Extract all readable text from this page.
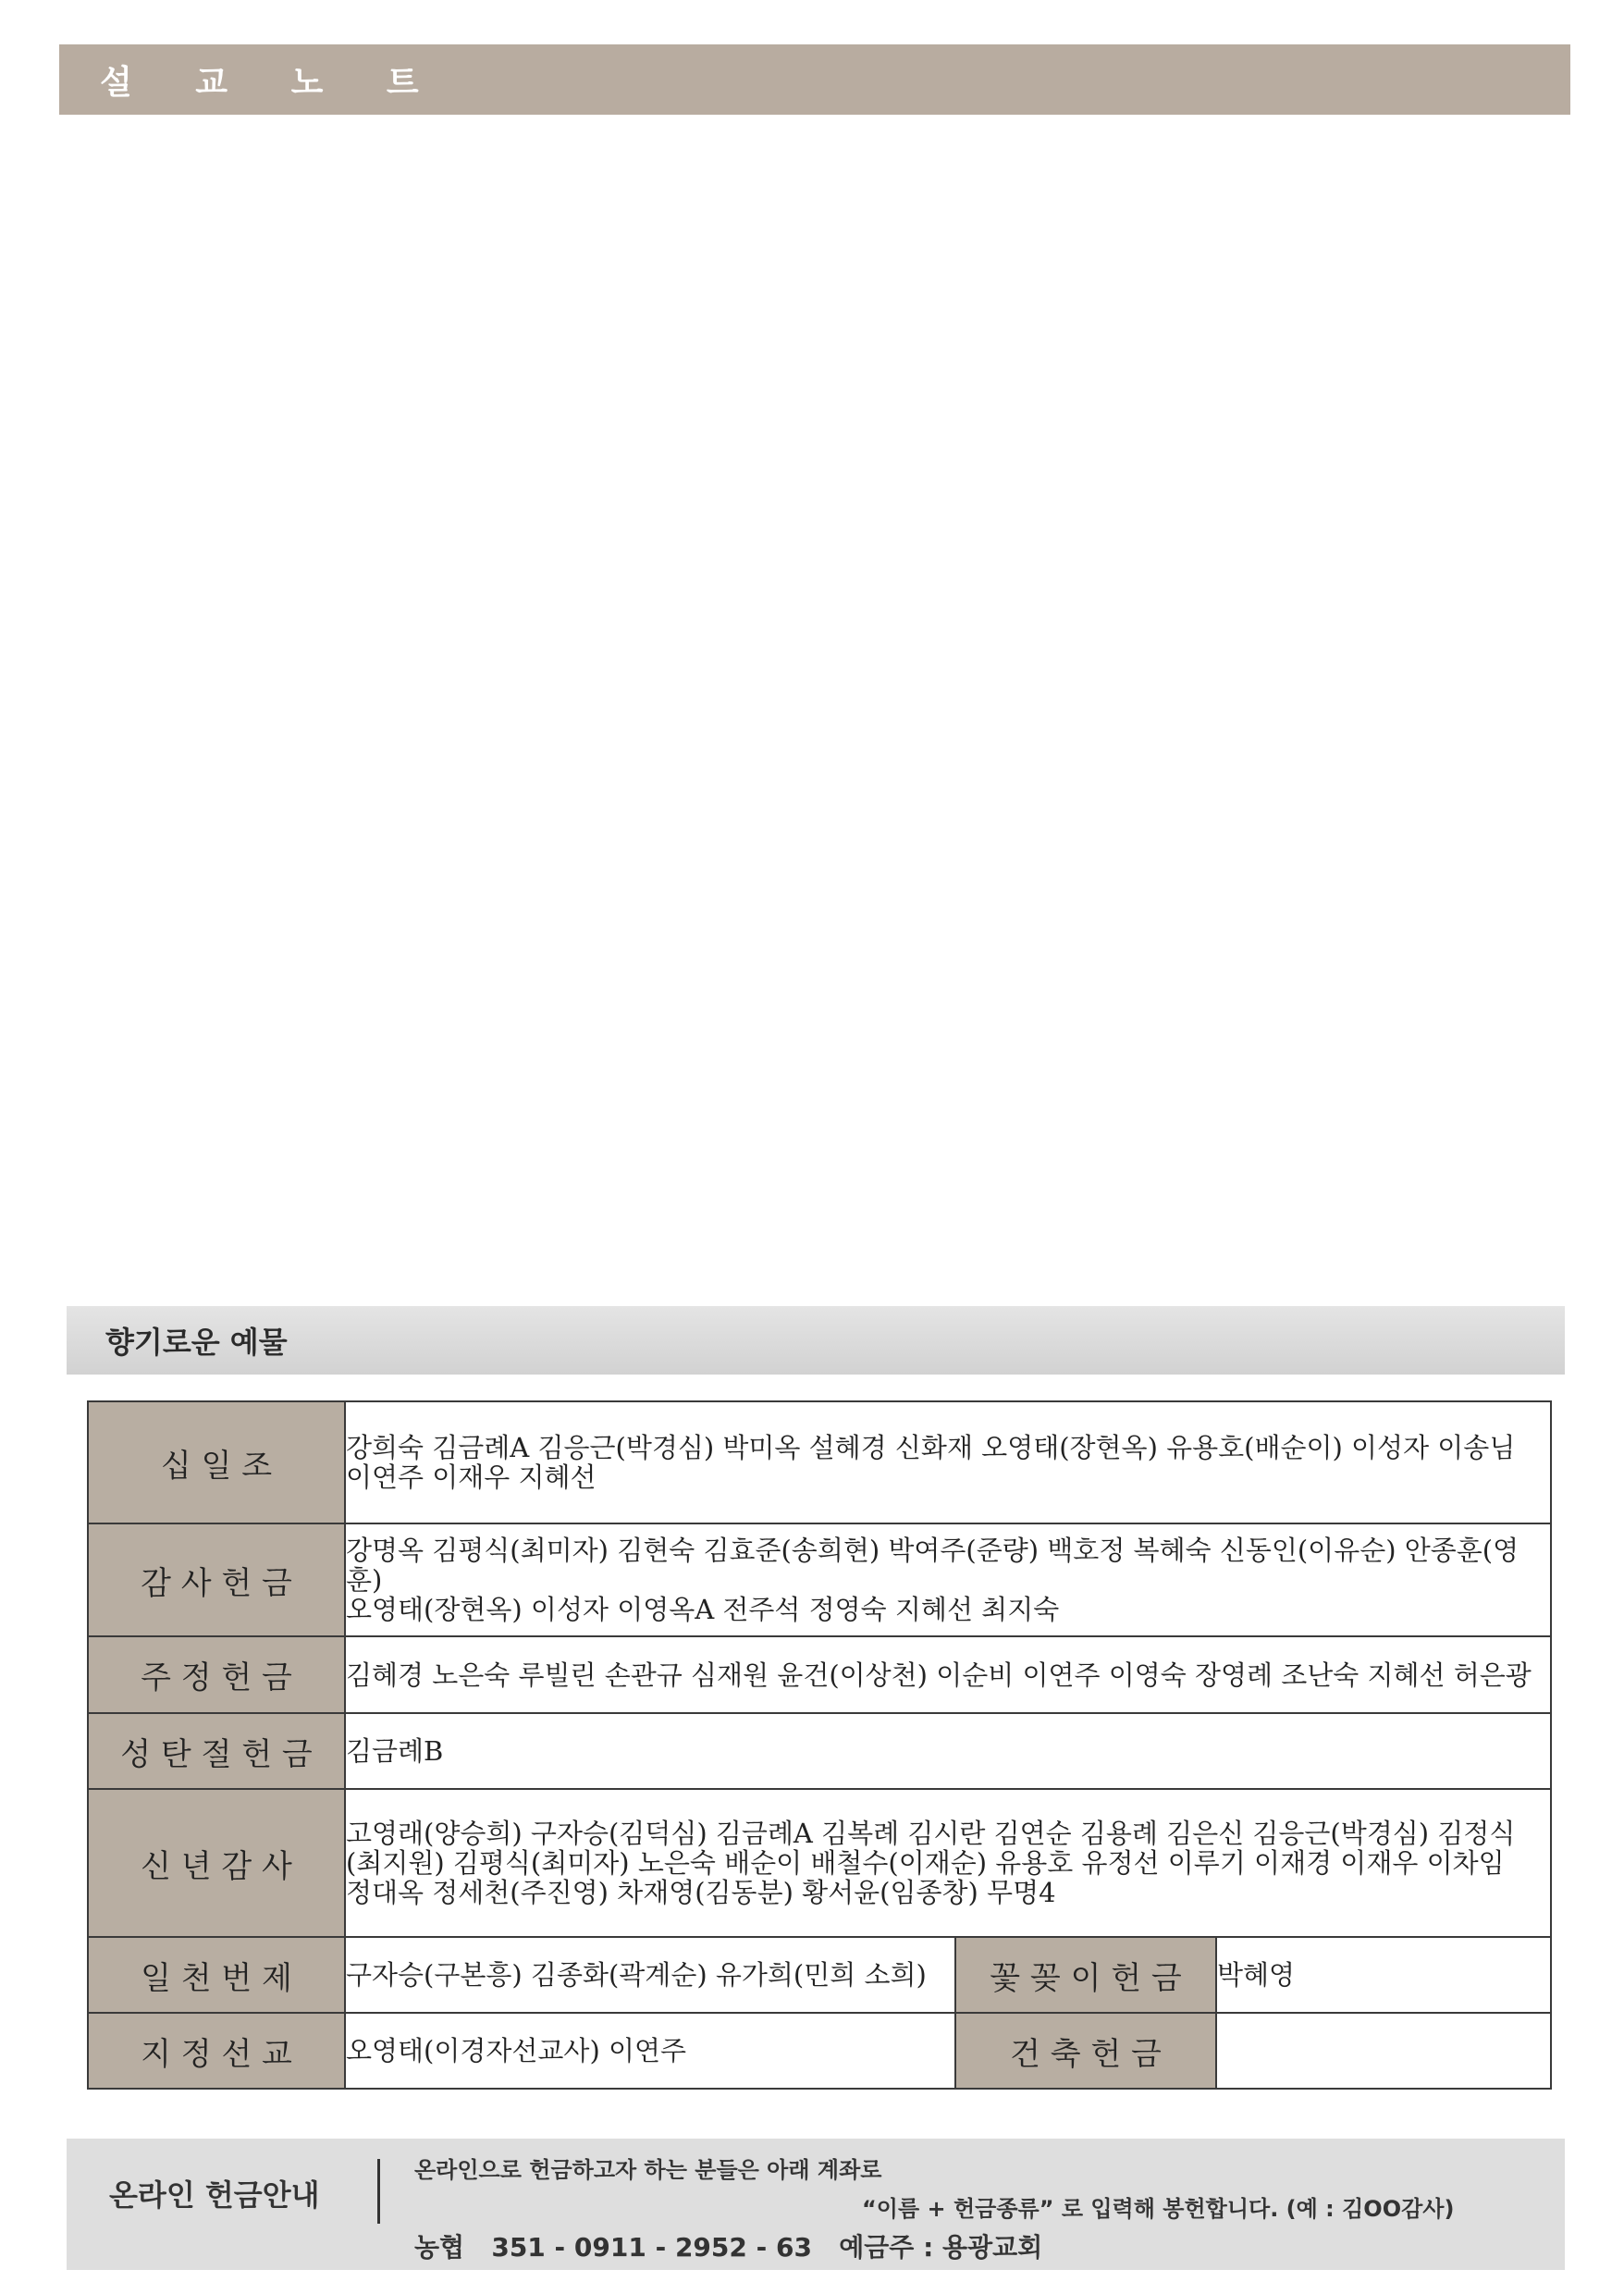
설 교 노 트
향기로운 예물
십 일 조	강희숙 김금례A 김응근(박경심) 박미옥 설혜경 신화재 오영태(장현옥) 유용호(배순이) 이성자 이송님
이연주 이재우 지혜선		

감 사 헌 금	강명옥 김평식(최미자) 김현숙 김효준(송희현) 박여주(준량) 백호정 복혜숙 신동인(이유순) 안종훈(영훈)
오영태(장현옥) 이성자 이영옥A 전주석 정영숙 지혜선 최지숙		

주 정 헌 금	김혜경 노은숙 루빌린 손관규 심재원 윤건(이상천) 이순비 이연주 이영숙 장영례 조난숙 지혜선 허은광		

성 탄 절 헌 금	김금례B		

신 년 감 사	고영래(양승희) 구자승(김덕심) 김금례A 김복례 김시란 김연순 김용례 김은신 김응근(박경심) 김정식
(최지원) 김평식(최미자) 노은숙 배순이 배철수(이재순) 유용호 유정선 이루기 이재경 이재우 이차임
정대옥 정세천(주진영) 차재영(김동분) 황서윤(임종창) 무명4		

일 천 번 제	구자승(구본흥) 김종화(곽계순) 유가희(민희 소희)	꽃 꽂 이 헌 금	박혜영
지 정 선 교	오영태(이경자선교사) 이연주	건 축 헌 금	
온라인 헌금안내
온라인으로 헌금하고자 하는 분들은 아래 계좌로
“이름 + 헌금종류” 로 입력해 봉헌합니다. (예 : 김OO감사)
농협   351 - 0911 - 2952 - 63   예금주 : 용광교회
